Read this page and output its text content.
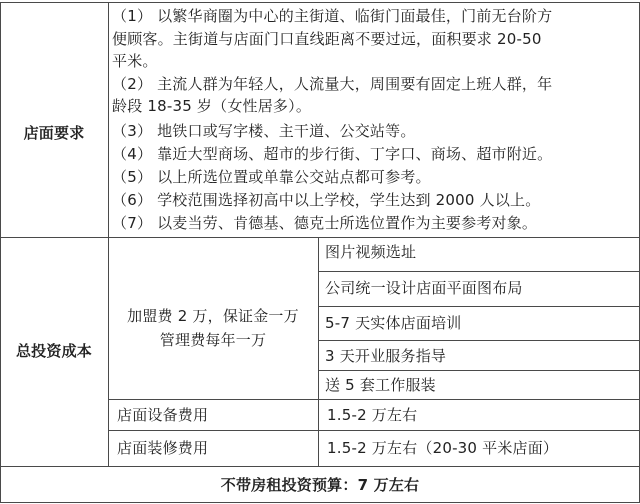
店面要求
（1） 以繁华商圈为中心的主街道、临街门面最佳，门前无台阶方
便顾客。主街道与店面门口直线距离不要过远，面积要求 20-50
平米。
（2） 主流人群为年轻人，人流量大，周围要有固定上班人群，年
龄段 18-35 岁（女性居多）。
（3） 地铁口或写字楼、主干道、公交站等。
（4） 靠近大型商场、超市的步行街、丁字口、商场、超市附近。
（5） 以上所选位置或单靠公交站点都可参考。
（6） 学校范围选择初高中以上学校，学生达到 2000 人以上。
（7） 以麦当劳、肯德基、德克士所选位置作为主要参考对象。
总投资成本
加盟费 2 万，保证金一万
管理费每年一万
图片视频选址
公司统一设计店面平面图布局
5-7 天实体店面培训
3 天开业服务指导
送 5 套工作服装
店面设备费用	1.5-2 万左右
店面装修费用	1.5-2 万左右（20-30 平米店面）
不带房租投资预算：7 万左右
